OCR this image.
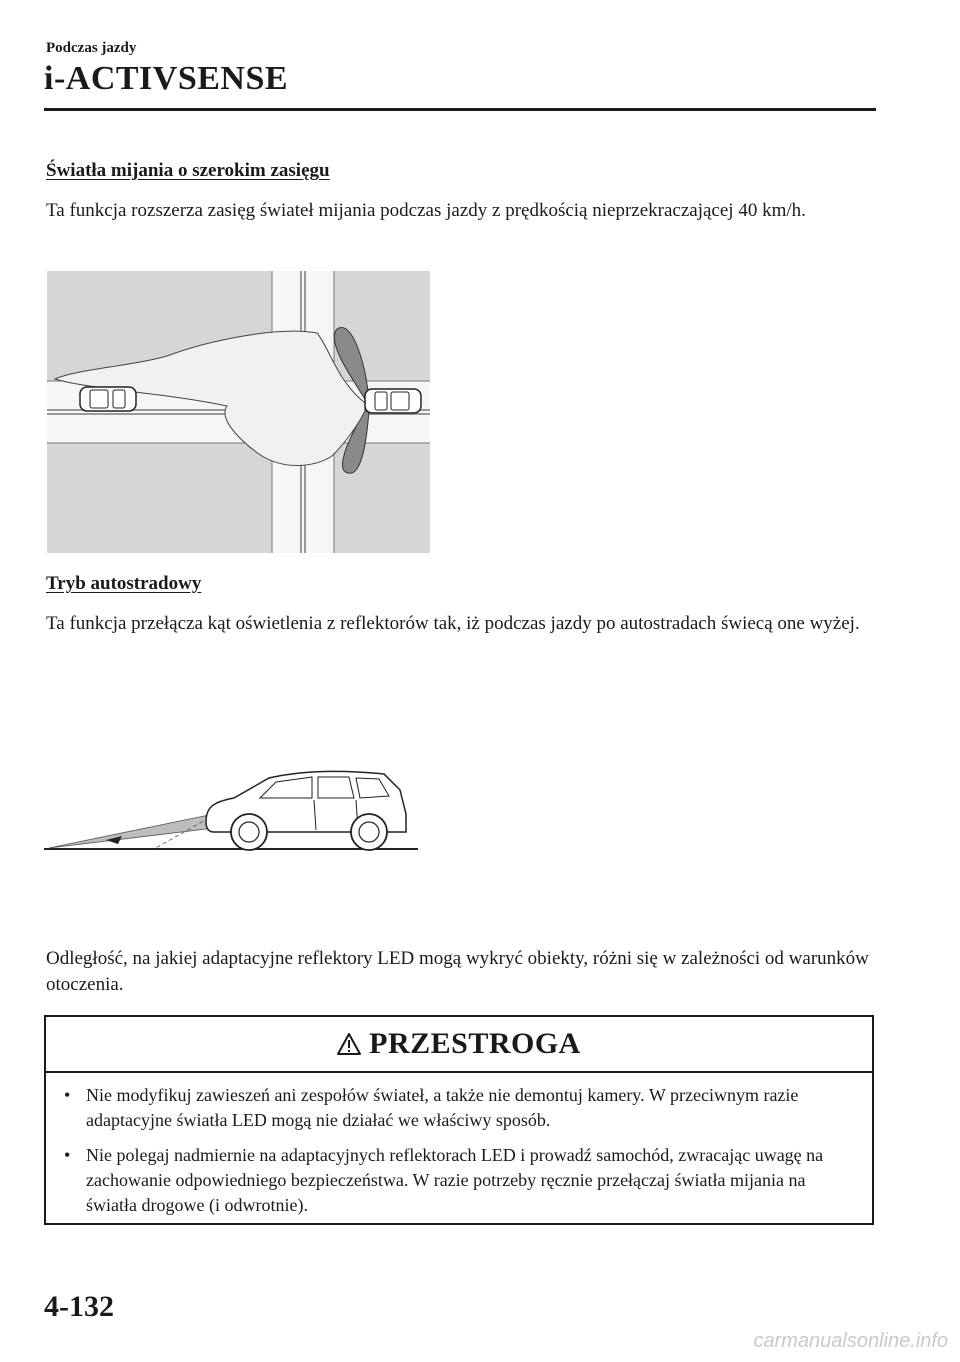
Podczas jazdy
i-ACTIVSENSE
Światła mijania o szerokim zasięgu
Ta funkcja rozszerza zasięg świateł mijania podczas jazdy z prędkością nieprzekraczającej 40 km/h.
Tryb autostradowy
Ta funkcja przełącza kąt oświetlenia z reflektorów tak, iż podczas jazdy po autostradach świecą one wyżej.
Odległość, na jakiej adaptacyjne reflektory LED mogą wykryć obiekty, różni się w zależności od warunków otoczenia.
PRZESTROGA
• Nie modyfikuj zawieszeń ani zespołów świateł, a także nie demontuj kamery. W przeciwnym razie adaptacyjne światła LED mogą nie działać we właściwy sposób.
• Nie polegaj nadmiernie na adaptacyjnych reflektorach LED i prowadź samochód, zwracając uwagę na zachowanie odpowiedniego bezpieczeństwa. W razie potrzeby ręcznie przełączaj światła mijania na światła drogowe (i odwrotnie).
4-132
carmanualsonline.info
